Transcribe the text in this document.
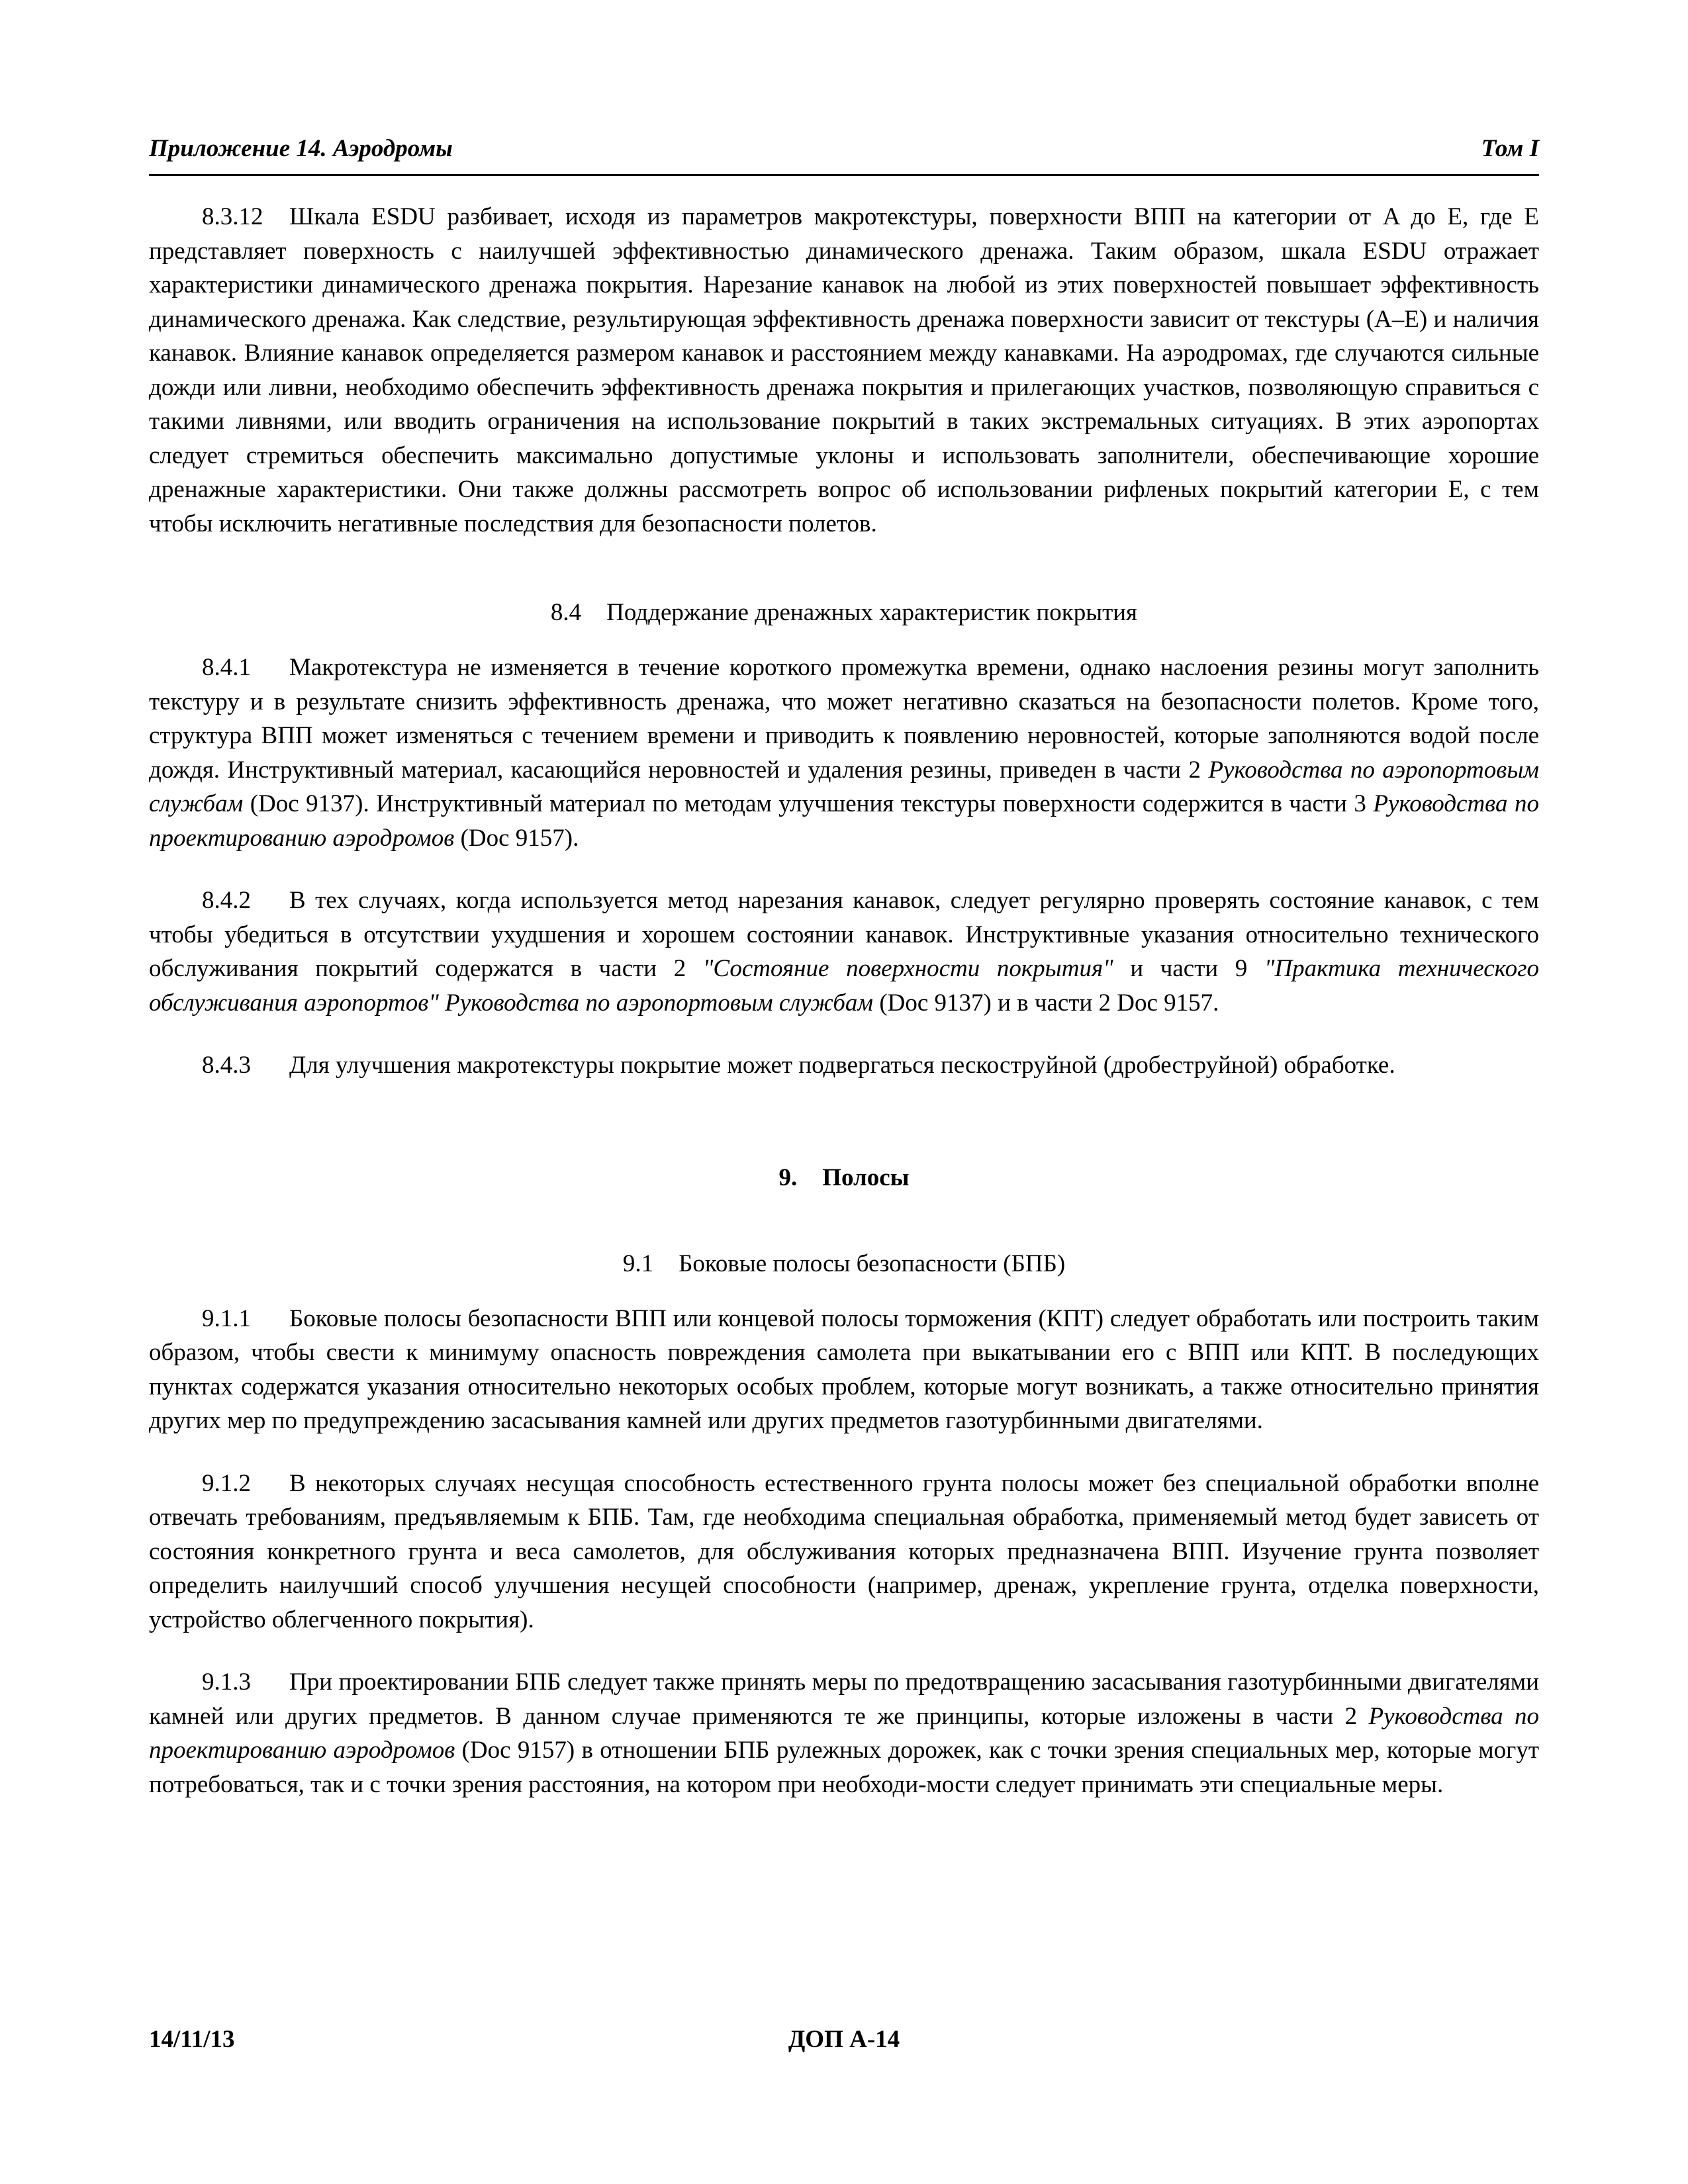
Приложение 14. Аэродромы	Том I

8.3.12 Шкала ESDU разбивает, исходя из параметров макротекстуры, поверхности ВПП на категории от A до E, где E представляет поверхность с наилучшей эффективностью динамического дренажа. Таким образом, шкала ESDU отражает характеристики динамического дренажа покрытия. Нарезание канавок на любой из этих поверхностей повышает эффективность динамического дренажа. Как следствие, результирующая эффективность дренажа поверхности зависит от текстуры (A–E) и наличия канавок. Влияние канавок определяется размером канавок и расстоянием между канавками. На аэродромах, где случаются сильные дожди или ливни, необходимо обеспечить эффективность дренажа покрытия и прилегающих участков, позволяющую справиться с такими ливнями, или вводить ограничения на использование покрытий в таких экстремальных ситуациях. В этих аэропортах следует стремиться обеспечить максимально допустимые уклоны и использовать заполнители, обеспечивающие хорошие дренажные характеристики. Они также должны рассмотреть вопрос об использовании рифленых покрытий категории E, с тем чтобы исключить негативные последствия для безопасности полетов.

8.4 Поддержание дренажных характеристик покрытия

8.4.1 Макротекстура не изменяется в течение короткого промежутка времени, однако наслоения резины могут заполнить текстуру и в результате снизить эффективность дренажа, что может негативно сказаться на безопасности полетов. Кроме того, структура ВПП может изменяться с течением времени и приводить к появлению неровностей, которые заполняются водой после дождя. Инструктивный материал, касающийся неровностей и удаления резины, приведен в части 2 Руководства по аэропортовым службам (Doc 9137). Инструктивный материал по методам улучшения текстуры поверхности содержится в части 3 Руководства по проектированию аэродромов (Doc 9157).

8.4.2 В тех случаях, когда используется метод нарезания канавок, следует регулярно проверять состояние канавок, с тем чтобы убедиться в отсутствии ухудшения и хорошем состоянии канавок. Инструктивные указания относительно технического обслуживания покрытий содержатся в части 2 "Состояние поверхности покрытия" и части 9 "Практика технического обслуживания аэропортов" Руководства по аэропортовым службам (Doc 9137) и в части 2 Doc 9157.

8.4.3 Для улучшения макротекстуры покрытие может подвергаться пескоструйной (дробеструйной) обработке.

9. Полосы
9.1 Боковые полосы безопасности (БПБ)

9.1.1 Боковые полосы безопасности ВПП или концевой полосы торможения (КПТ) следует обработать или построить таким образом, чтобы свести к минимуму опасность повреждения самолета при выкатывании его с ВПП или КПТ. В последующих пунктах содержатся указания относительно некоторых особых проблем, которые могут возникать, а также относительно принятия других мер по предупреждению засасывания камней или других предметов газотурбинными двигателями.

9.1.2 В некоторых случаях несущая способность естественного грунта полосы может без специальной обработки вполне отвечать требованиям, предъявляемым к БПБ. Там, где необходима специальная обработка, применяемый метод будет зависеть от состояния конкретного грунта и веса самолетов, для обслуживания которых предназначена ВПП. Изучение грунта позволяет определить наилучший способ улучшения несущей способности (например, дренаж, укрепление грунта, отделка поверхности, устройство облегченного покрытия).

9.1.3 При проектировании БПБ следует также принять меры по предотвращению засасывания газотурбинными двигателями камней или других предметов. В данном случае применяются те же принципы, которые изложены в части 2 Руководства по проектированию аэродромов (Doc 9157) в отношении БПБ рулежных дорожек, как с точки зрения специальных мер, которые могут потребоваться, так и с точки зрения расстояния, на котором при необходи-мости следует принимать эти специальные меры.

14/11/13	ДОП A-14
